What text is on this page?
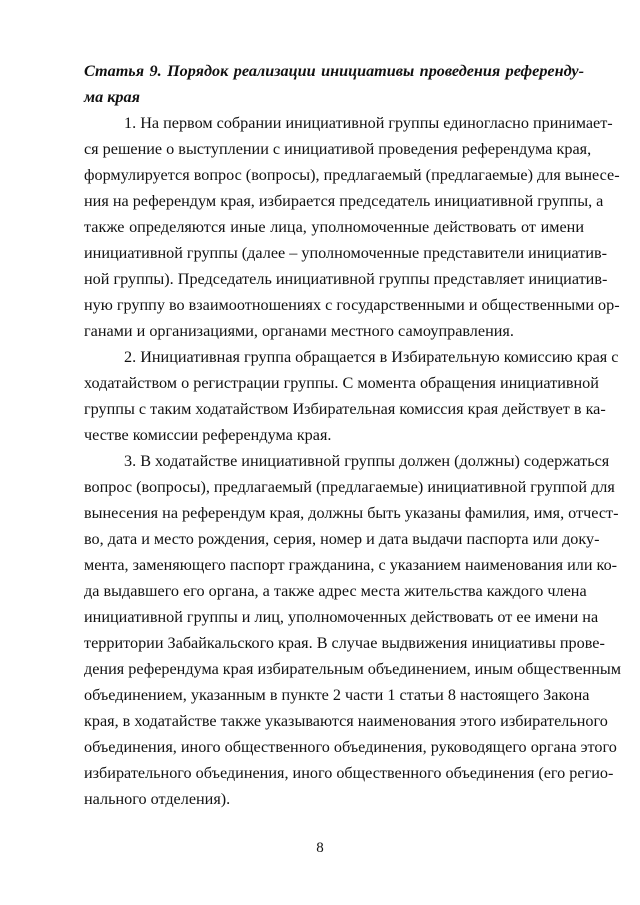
Статья 9. Порядок реализации инициативы проведения референду-
ма края
1. На первом собрании инициативной группы единогласно принимает-
ся решение о выступлении с инициативой проведения референдума края,
формулируется вопрос (вопросы), предлагаемый (предлагаемые) для вынесе-
ния на референдум края, избирается председатель инициативной группы, а
также определяются иные лица, уполномоченные действовать от имени
инициативной группы (далее – уполномоченные представители инициатив-
ной группы). Председатель инициативной группы представляет инициатив-
ную группу во взаимоотношениях с государственными и общественными ор-
ганами и организациями, органами местного самоуправления.
2. Инициативная группа обращается в Избирательную комиссию края с
ходатайством о регистрации группы. С момента обращения инициативной
группы с таким ходатайством Избирательная комиссия края действует в ка-
честве комиссии референдума края.
3. В ходатайстве инициативной группы должен (должны) содержаться
вопрос (вопросы), предлагаемый (предлагаемые) инициативной группой для
вынесения на референдум края, должны быть указаны фамилия, имя, отчест-
во, дата и место рождения, серия, номер и дата выдачи паспорта или доку-
мента, заменяющего паспорт гражданина, с указанием наименования или ко-
да выдавшего его органа, а также адрес места жительства каждого члена
инициативной группы и лиц, уполномоченных действовать от ее имени на
территории Забайкальского края. В случае выдвижения инициативы прове-
дения референдума края избирательным объединением, иным общественным
объединением, указанным в пункте 2 части 1 статьи 8 настоящего Закона
края, в ходатайстве также указываются наименования этого избирательного
объединения, иного общественного объединения, руководящего органа этого
избирательного объединения, иного общественного объединения (его регио-
нального отделения).
8
